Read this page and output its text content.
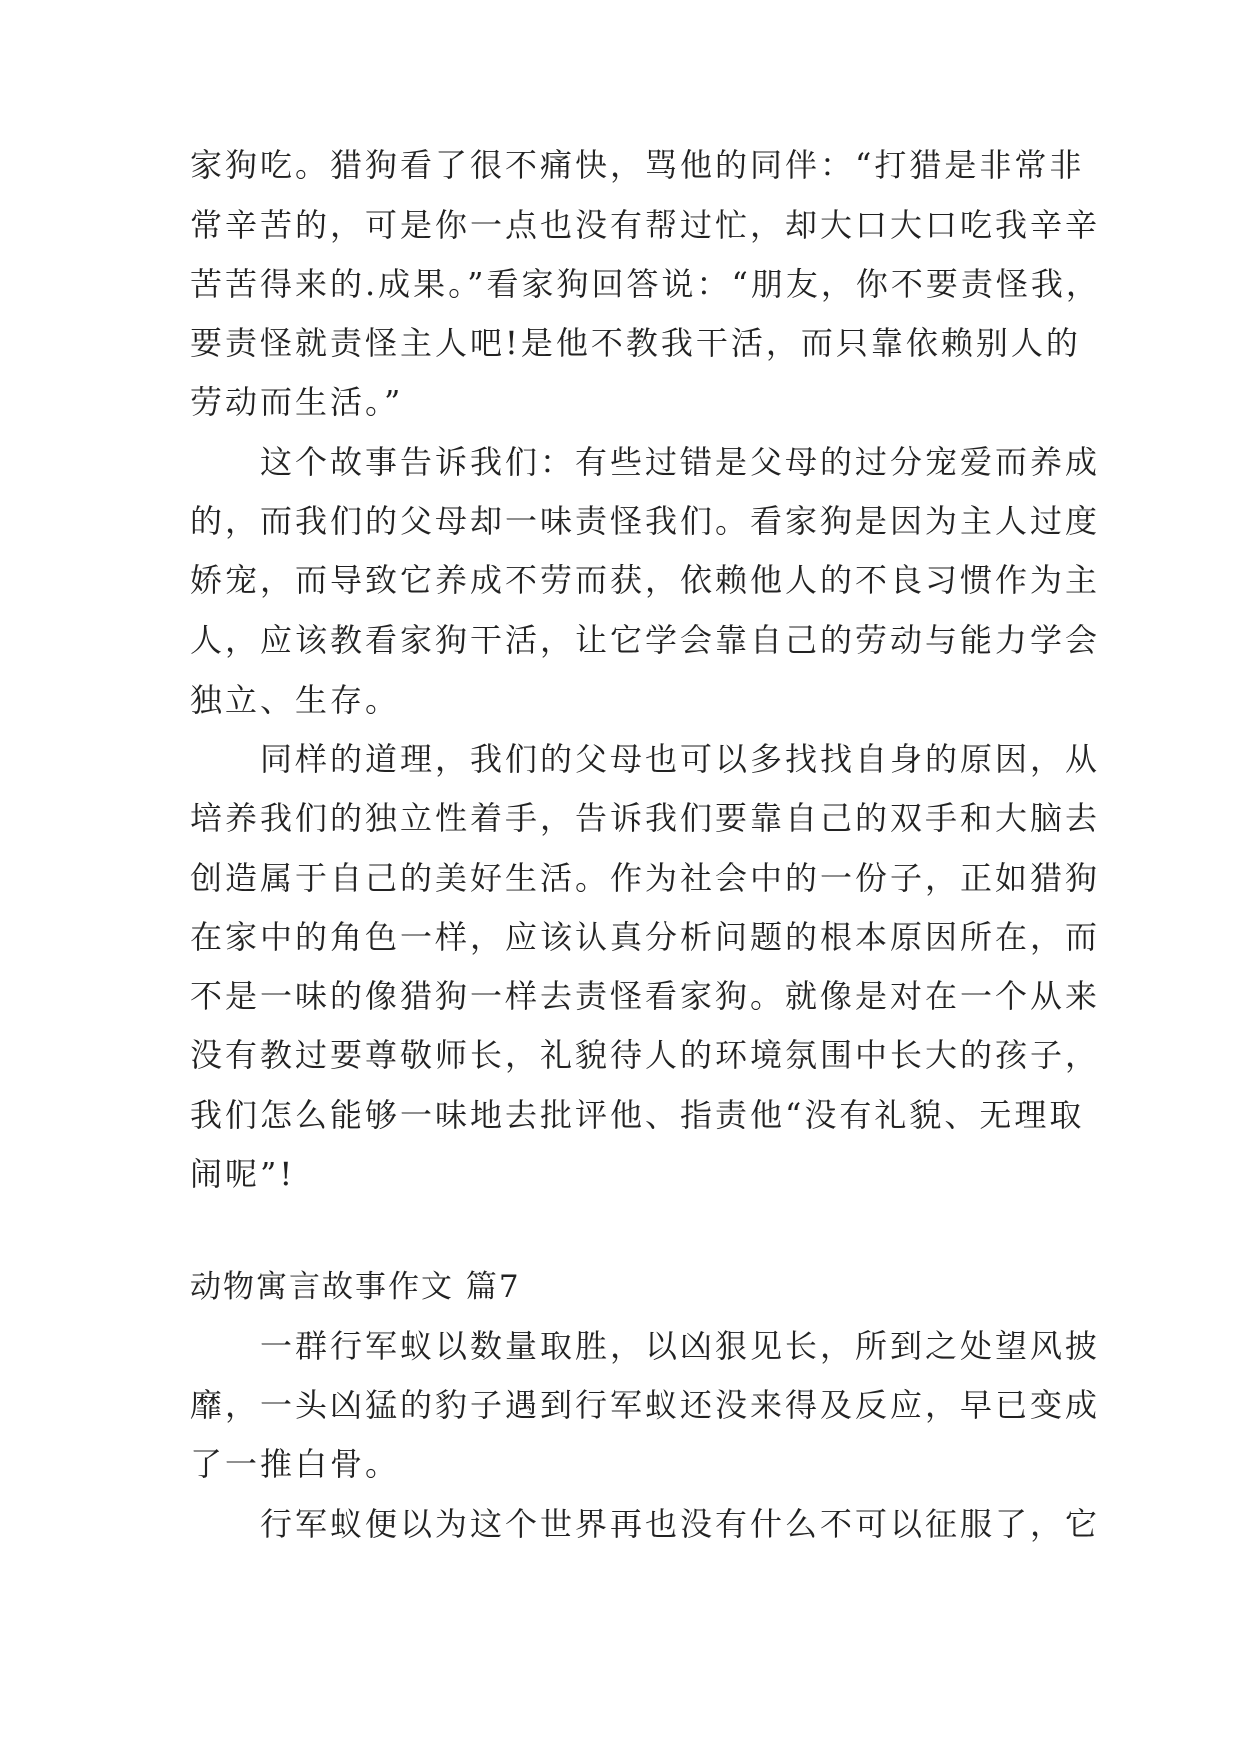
家狗吃。猎狗看了很不痛快，骂他的同伴：“打猎是非常非
常辛苦的，可是你一点也没有帮过忙，却大口大口吃我辛辛
苦苦得来的.成果。”看家狗回答说：“朋友，你不要责怪我，
要责怪就责怪主人吧!是他不教我干活，而只靠依赖别人的
劳动而生活。”
　　这个故事告诉我们：有些过错是父母的过分宠爱而养成
的，而我们的父母却一味责怪我们。看家狗是因为主人过度
娇宠，而导致它养成不劳而获，依赖他人的不良习惯作为主
人，应该教看家狗干活，让它学会靠自己的劳动与能力学会
独立、生存。
　　同样的道理，我们的父母也可以多找找自身的原因，从
培养我们的独立性着手，告诉我们要靠自己的双手和大脑去
创造属于自己的美好生活。作为社会中的一份子，正如猎狗
在家中的角色一样，应该认真分析问题的根本原因所在，而
不是一味的像猎狗一样去责怪看家狗。就像是对在一个从来
没有教过要尊敬师长，礼貌待人的环境氛围中长大的孩子，
我们怎么能够一味地去批评他、指责他“没有礼貌、无理取
闹呢”!
动物寓言故事作文 篇7
　　一群行军蚁以数量取胜，以凶狠见长，所到之处望风披
靡，一头凶猛的豹子遇到行军蚁还没来得及反应，早已变成
了一推白骨。
　　行军蚁便以为这个世界再也没有什么不可以征服了，它
